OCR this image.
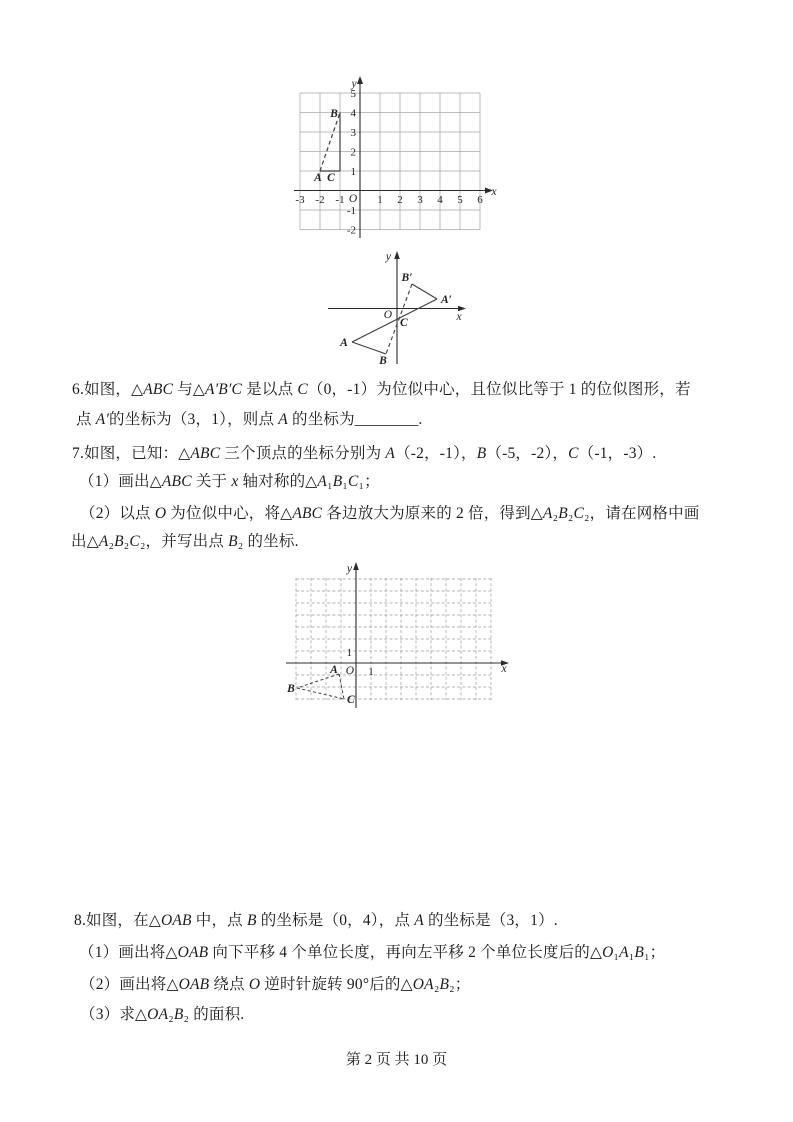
-3 -2 -1	1 2 3 4 5 6
5
4
3
2
1
-1
-2
O
x
y
A
B
C
O	x
y
A
B
C
A′
B′
6.如图，△ABC 与△A′B′C 是以点 C（0，-1）为位似中心，且位似比等于 1 的位似图形，若
点 A′的坐标为（3，1），则点 A 的坐标为________.
7.如图，已知：△ABC 三个顶点的坐标分别为 A（-2，-1），B（-5，-2），C（-1，-3）.
（1）画出△ABC 关于 x 轴对称的△A₁B₁C₁；
（2）以点 O 为位似中心，将△ABC 各边放大为原来的 2 倍，得到△A₂B₂C₂，请在网格中画
出△A₂B₂C₂，并写出点 B₂ 的坐标.
1
1
O	x
y
A
B
C
8.如图，在△OAB 中，点 B 的坐标是（0，4），点 A 的坐标是（3，1）.
（1）画出将△OAB 向下平移 4 个单位长度，再向左平移 2 个单位长度后的△O₁A₁B₁；
（2）画出将△OAB 绕点 O 逆时针旋转 90°后的△OA₂B₂；
（3）求△OA₂B₂ 的面积.
第 2 页 共 10 页
